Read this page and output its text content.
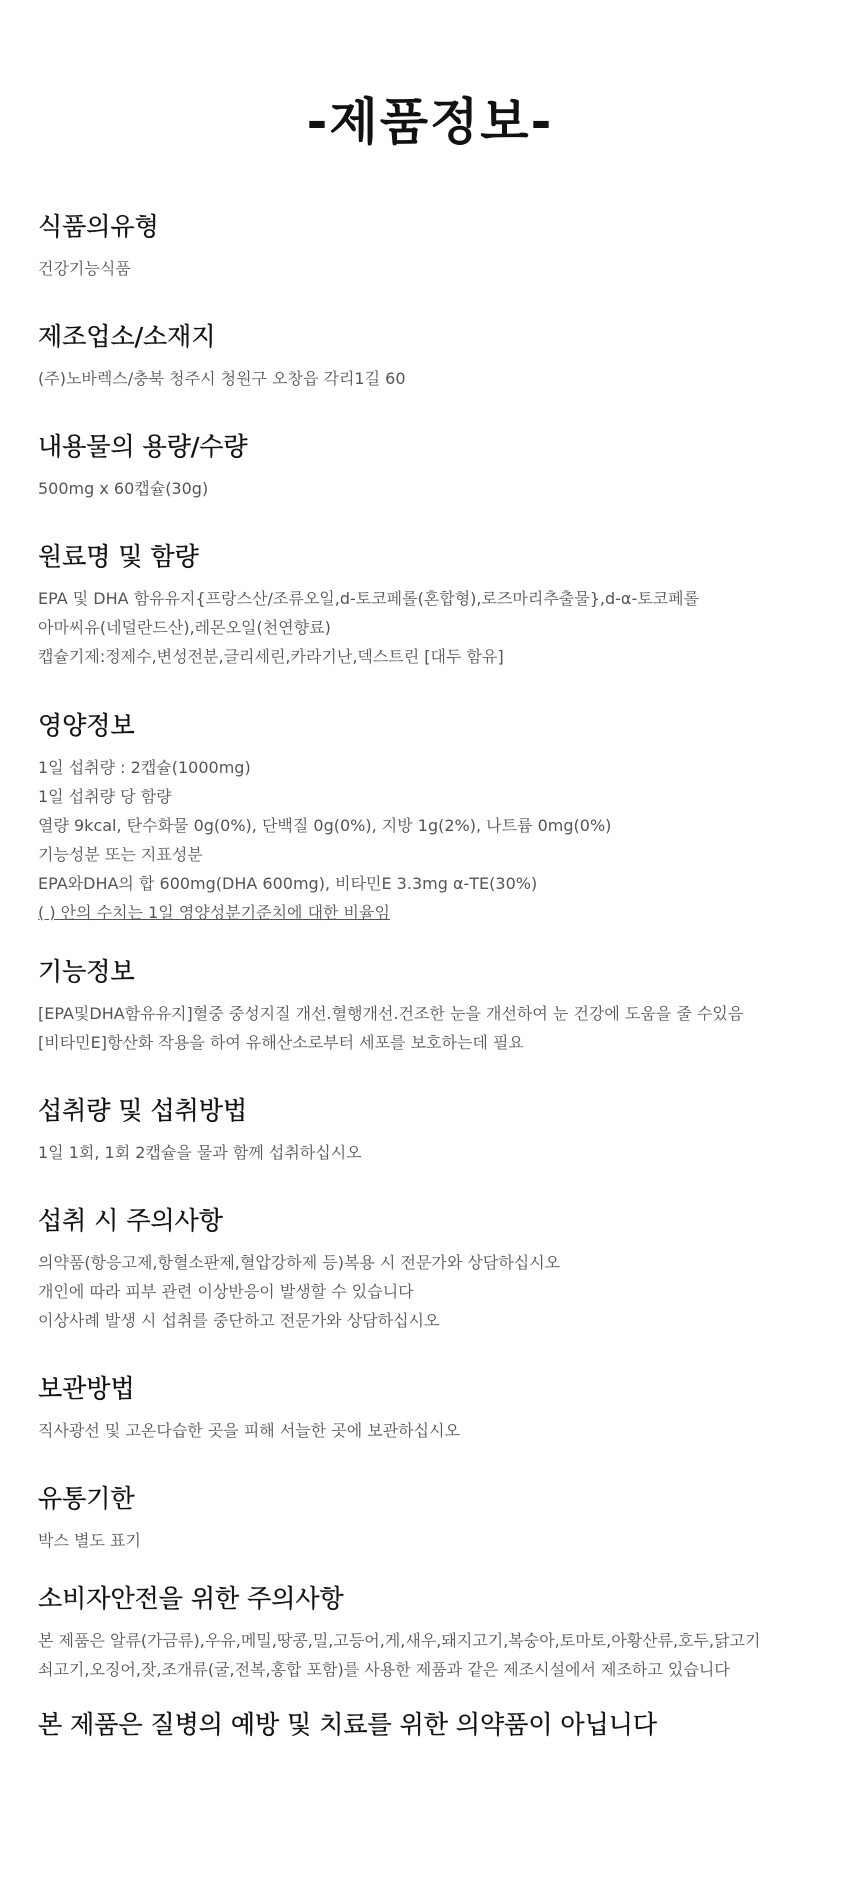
-제품정보-
식품의유형
건강기능식품
제조업소/소재지
(주)노바렉스/충북 청주시 청원구 오창읍 각리1길 60
내용물의 용량/수량
500mg x 60캡슐(30g)
원료명 및 함량
EPA 및 DHA 함유유지{프랑스산/조류오일,d-토코페롤(혼합형),로즈마리추출물},d-α-토코페롤
아마씨유(네덜란드산),레몬오일(천연향료)
캡슐기제:정제수,변성전분,글리세린,카라기난,덱스트린 [대두 함유]
영양정보
1일 섭취량 : 2캡슐(1000mg)
1일 섭취량 당 함량
열량 9kcal, 탄수화물 0g(0%), 단백질 0g(0%), 지방 1g(2%), 나트륨 0mg(0%)
기능성분 또는 지표성분
EPA와DHA의 합 600mg(DHA 600mg), 비타민E 3.3mg α-TE(30%)
( ) 안의 수치는 1일 영양성분기준치에 대한 비율임
기능정보
[EPA및DHA함유유지]혈중 중성지질 개선.혈행개선.건조한 눈을 개선하여 눈 건강에 도움을 줄 수있음
[비타민E]항산화 작용을 하여 유해산소로부터 세포를 보호하는데 필요
섭취량 및 섭취방법
1일 1회, 1회 2캡슐을 물과 함께 섭취하십시오
섭취 시 주의사항
의약품(항응고제,항혈소판제,혈압강하제 등)복용 시 전문가와 상담하십시오
개인에 따라 피부 관련 이상반응이 발생할 수 있습니다
이상사례 발생 시 섭취를 중단하고 전문가와 상담하십시오
보관방법
직사광선 및 고온다습한 곳을 피해 서늘한 곳에 보관하십시오
유통기한
박스 별도 표기
소비자안전을 위한 주의사항
본 제품은 알류(가금류),우유,메밀,땅콩,밀,고등어,게,새우,돼지고기,복숭아,토마토,아황산류,호두,닭고기
쇠고기,오징어,잣,조개류(굴,전복,홍합 포함)를 사용한 제품과 같은 제조시설에서 제조하고 있습니다
본 제품은 질병의 예방 및 치료를 위한 의약품이 아닙니다
